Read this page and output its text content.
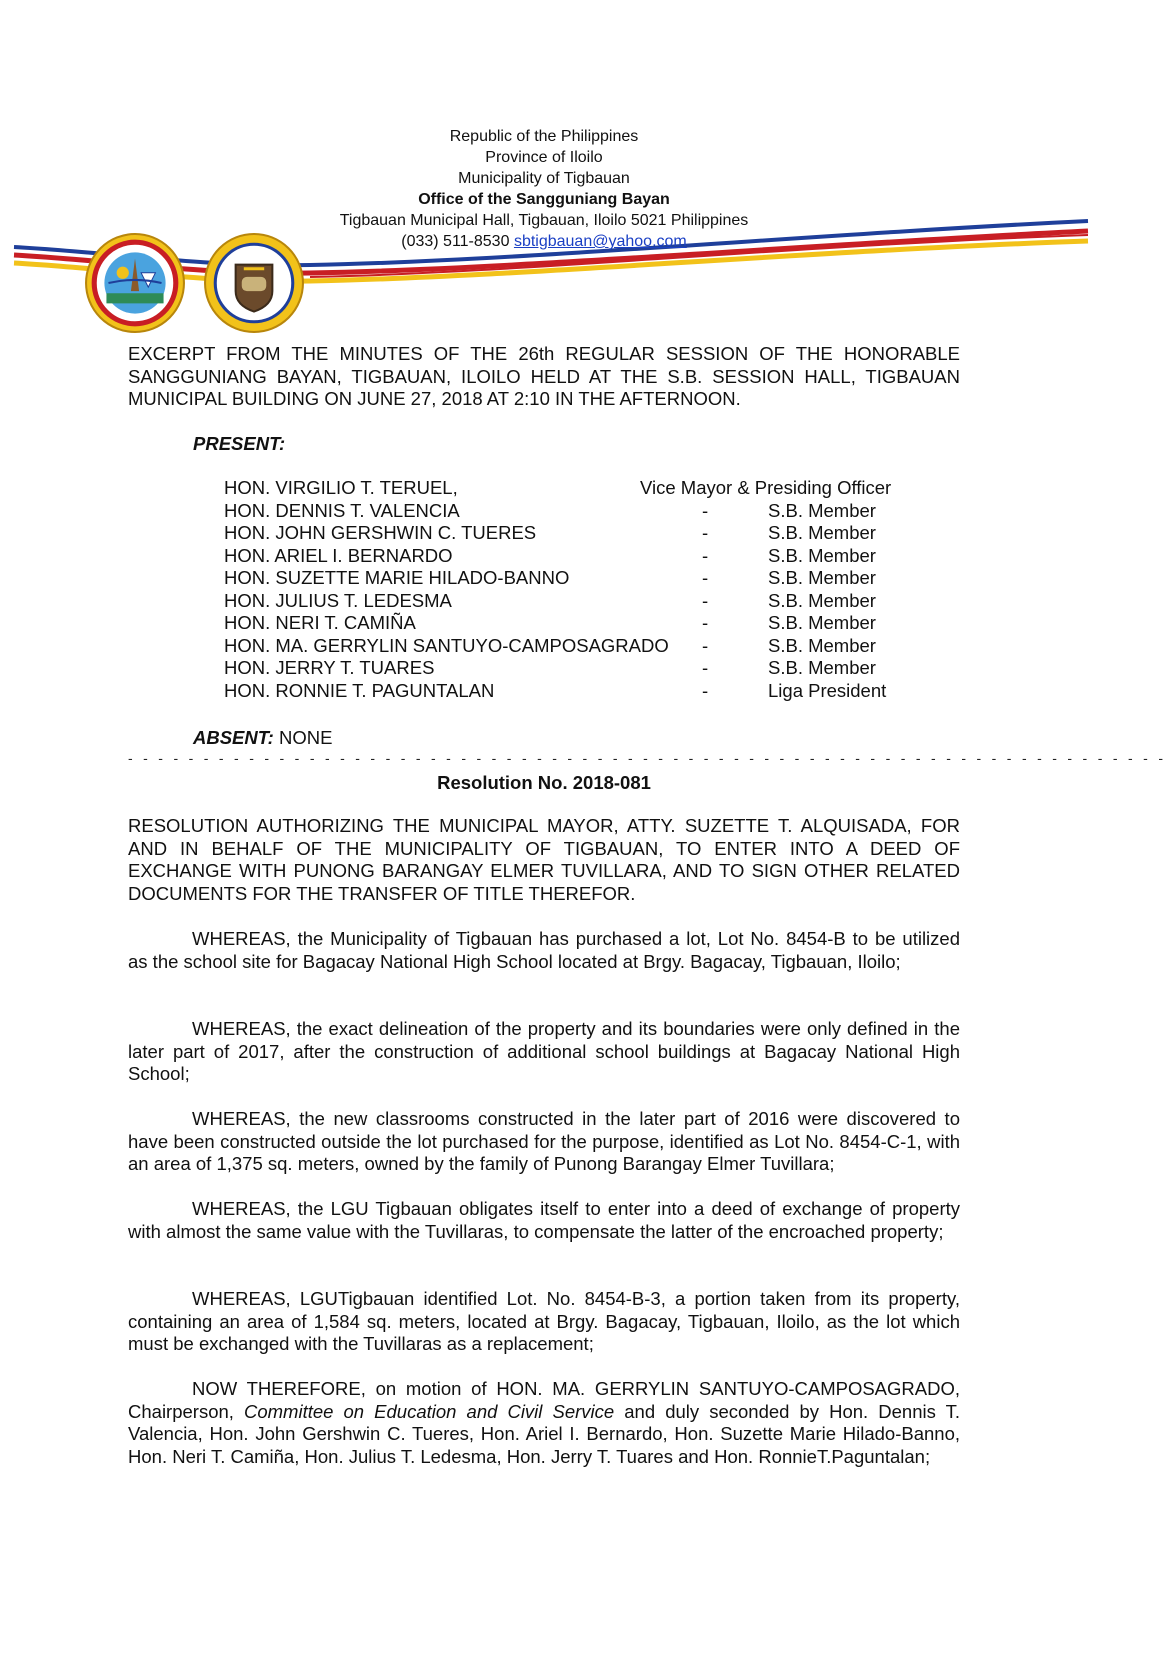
Republic of the Philippines
Province of Iloilo
Municipality of Tigbauan
Office of the Sangguniang Bayan
Tigbauan Municipal Hall, Tigbauan, Iloilo 5021 Philippines
(033) 511-8530 sbtigbauan@yahoo.com
EXCERPT FROM THE MINUTES OF THE 26th REGULAR SESSION OF THE HONORABLE SANGGUNIANG BAYAN, TIGBAUAN, ILOILO HELD AT THE S.B. SESSION HALL, TIGBAUAN MUNICIPAL BUILDING ON JUNE 27, 2018 AT 2:10 IN THE AFTERNOON.
PRESENT:
HON. VIRGILIO T. TERUEL,	Vice Mayor & Presiding Officer
HON. DENNIS T. VALENCIA	-	S.B. Member
HON. JOHN GERSHWIN C. TUERES	-	S.B. Member
HON. ARIEL I. BERNARDO	-	S.B. Member
HON. SUZETTE MARIE HILADO-BANNO	-	S.B. Member
HON. JULIUS T. LEDESMA	-	S.B. Member
HON. NERI T. CAMIÑA	-	S.B. Member
HON. MA. GERRYLIN SANTUYO-CAMPOSAGRADO -	S.B. Member
HON. JERRY T. TUARES	-	S.B. Member
HON. RONNIE T. PAGUNTALAN	-	Liga President
ABSENT: NONE
- - - - - - - - - - - - - - - - - - - - - - - - - - - - - - - - - - - - - - - - - - - - - - - - - - - - - - - - - - - - - - - - - - - - -
Resolution No. 2018-081
RESOLUTION AUTHORIZING THE MUNICIPAL MAYOR, ATTY. SUZETTE T. ALQUISADA, FOR AND IN BEHALF OF THE MUNICIPALITY OF TIGBAUAN, TO ENTER INTO A DEED OF EXCHANGE WITH PUNONG BARANGAY ELMER TUVILLARA, AND TO SIGN OTHER RELATED DOCUMENTS FOR THE TRANSFER OF TITLE THEREFOR.
WHEREAS, the Municipality of Tigbauan has purchased a lot, Lot No. 8454-B to be utilized as the school site for Bagacay National High School located at Brgy. Bagacay, Tigbauan, Iloilo;
WHEREAS, the exact delineation of the property and its boundaries were only defined in the later part of 2017, after the construction of additional school buildings at Bagacay National High School;
WHEREAS, the new classrooms constructed in the later part of 2016 were discovered to have been constructed outside the lot purchased for the purpose, identified as Lot No. 8454-C-1, with an area of 1,375 sq. meters, owned by the family of Punong Barangay Elmer Tuvillara;
WHEREAS, the LGU Tigbauan obligates itself to enter into a deed of exchange of property with almost the same value with the Tuvillaras, to compensate the latter of the encroached property;
WHEREAS, LGUTigbauan identified Lot. No. 8454-B-3, a portion taken from its property, containing an area of 1,584 sq. meters, located at Brgy. Bagacay, Tigbauan, Iloilo, as the lot which must be exchanged with the Tuvillaras as a replacement;
NOW THEREFORE, on motion of HON. MA. GERRYLIN SANTUYO-CAMPOSAGRADO, Chairperson, Committee on Education and Civil Service and duly seconded by Hon. Dennis T. Valencia, Hon. John Gershwin C. Tueres, Hon. Ariel I. Bernardo, Hon. Suzette Marie Hilado-Banno, Hon. Neri T. Camiña, Hon. Julius T. Ledesma, Hon. Jerry T. Tuares and Hon. RonnieT.Paguntalan;
